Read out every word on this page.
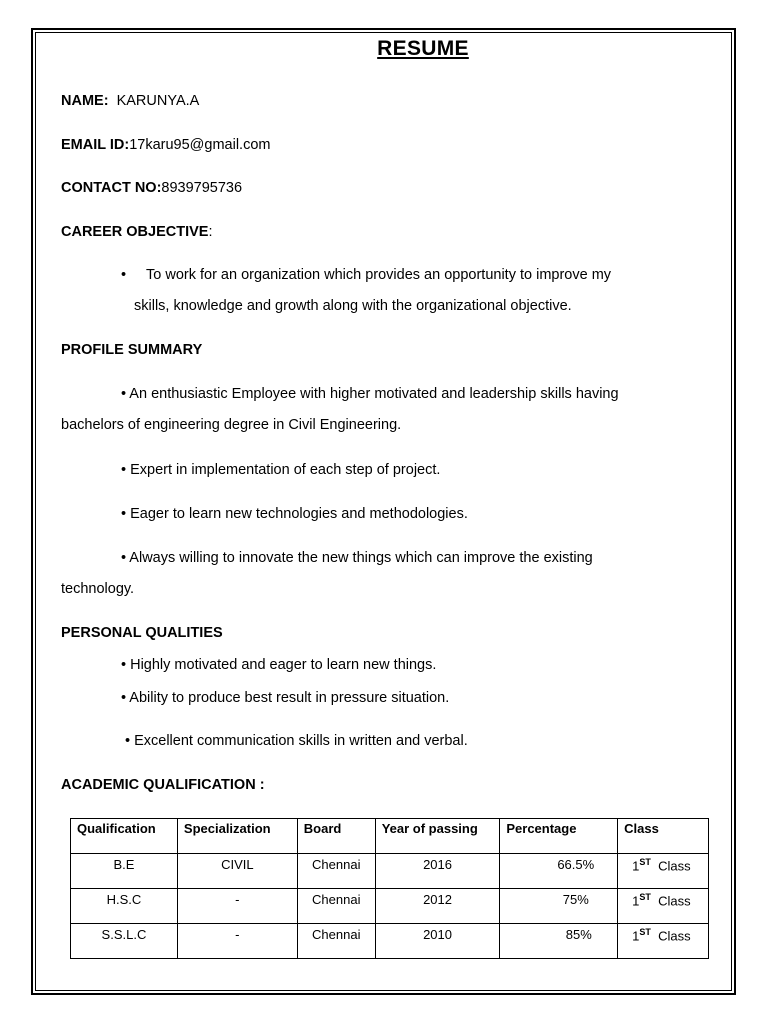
RESUME
NAME: KARUNYA.A
EMAIL ID:17karu95@gmail.com
CONTACT NO:8939795736
CAREER OBJECTIVE:
• To work for an organization which provides an opportunity to improve my
skills, knowledge and growth along with the organizational objective.
PROFILE SUMMARY
• An enthusiastic Employee with higher motivated and leadership skills having
bachelors of engineering degree in Civil Engineering.
• Expert in implementation of each step of project.
• Eager to learn new technologies and methodologies.
• Always willing to innovate the new things which can improve the existing
technology.
PERSONAL QUALITIES
• Highly motivated and eager to learn new things.
• Ability to produce best result in pressure situation.
• Excellent communication skills in written and verbal.
ACADEMIC QUALIFICATION :
Qualification	Specialization	Board	Year of passing	Percentage	Class
B.E	CIVIL	Chennai	2016	66.5%	1ST Class
H.S.C	-	Chennai	2012	75%	1ST Class
S.S.L.C	-	Chennai	2010	85%	1ST Class
